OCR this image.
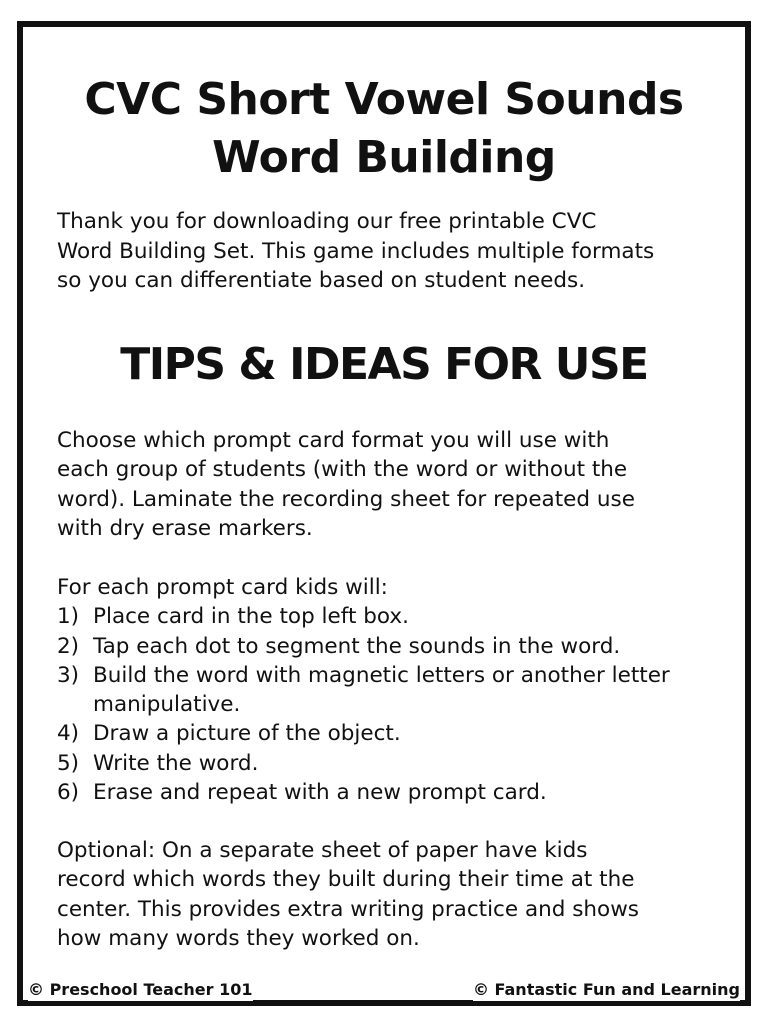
CVC Short Vowel Sounds
Word Building

Thank you for downloading our free printable CVC
Word Building Set. This game includes multiple formats
so you can differentiate based on student needs.

TIPS & IDEAS FOR USE

Choose which prompt card format you will use with
each group of students (with the word or without the
word). Laminate the recording sheet for repeated use
with dry erase markers.

For each prompt card kids will:
1) Place card in the top left box.
2) Tap each dot to segment the sounds in the word.
3) Build the word with magnetic letters or another letter
manipulative.
4) Draw a picture of the object.
5) Write the word.
6) Erase and repeat with a new prompt card.

Optional: On a separate sheet of paper have kids
record which words they built during their time at the
center. This provides extra writing practice and shows
how many words they worked on.

© Preschool Teacher 101	© Fantastic Fun and Learning
